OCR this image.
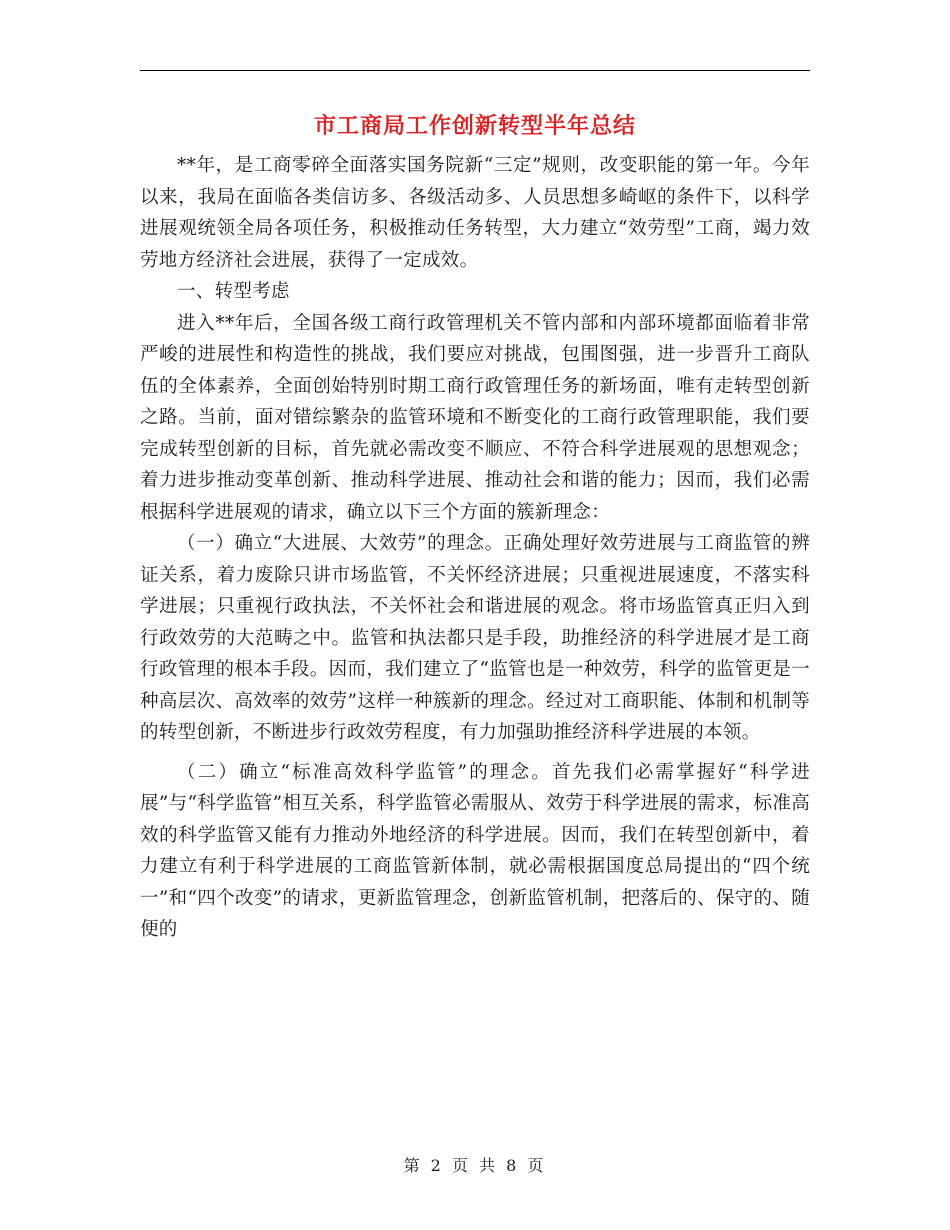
市工商局工作创新转型半年总结

**年，是工商零碎全面落实国务院新“三定”规则，改变职能的第一年。今年以来，我局在面临各类信访多、各级活动多、人员思想多崎岖的条件下，以科学进展观统领全局各项任务，积极推动任务转型，大力建立“效劳型”工商，竭力效劳地方经济社会进展，获得了一定成效。

一、转型考虑

进入**年后，全国各级工商行政管理机关不管内部和内部环境都面临着非常严峻的进展性和构造性的挑战，我们要应对挑战，包围图强，进一步晋升工商队伍的全体素养，全面创始特别时期工商行政管理任务的新场面，唯有走转型创新之路。当前，面对错综繁杂的监管环境和不断变化的工商行政管理职能，我们要完成转型创新的目标，首先就必需改变不顺应、不符合科学进展观的思想观念；着力进步推动变革创新、推动科学进展、推动社会和谐的能力；因而，我们必需根据科学进展观的请求，确立以下三个方面的簇新理念：

（一）确立“大进展、大效劳”的理念。正确处理好效劳进展与工商监管的辨证关系，着力废除只讲市场监管，不关怀经济进展；只重视进展速度，不落实科学进展；只重视行政执法，不关怀社会和谐进展的观念。将市场监管真正归入到行政效劳的大范畴之中。监管和执法都只是手段，助推经济的科学进展才是工商行政管理的根本手段。因而，我们建立了“监管也是一种效劳，科学的监管更是一种高层次、高效率的效劳”这样一种簇新的理念。经过对工商职能、体制和机制等的转型创新，不断进步行政效劳程度，有力加强助推经济科学进展的本领。

（二）确立“标准高效科学监管”的理念。首先我们必需掌握好“科学进展”与“科学监管”相互关系，科学监管必需服从、效劳于科学进展的需求，标准高效的科学监管又能有力推动外地经济的科学进展。因而，我们在转型创新中，着力建立有利于科学进展的工商监管新体制，就必需根据国度总局提出的“四个统一”和“四个改变”的请求，更新监管理念，创新监管机制，把落后的、保守的、随便的

第 2 页 共 8 页
